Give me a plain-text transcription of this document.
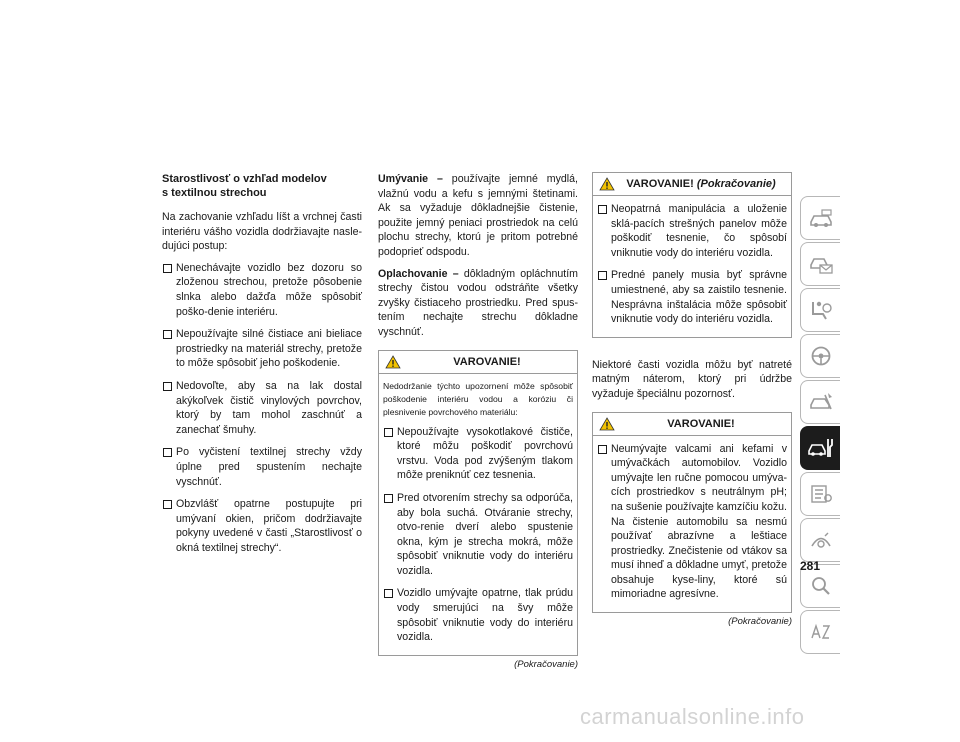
Starostlivosť o vzhľad modelov
s textilnou strechou

Na zachovanie vzhľadu líšt a vrchnej časti interiéru vášho vozidla dodržiavajte nasle-dujúci postup:

Nenechávajte vozidlo bez dozoru so zloženou strechou, pretože pôsobenie slnka alebo dažďa môže spôsobiť poško-denie interiéru.
Nepoužívajte silné čistiace ani bieliace prostriedky na materiál strechy, pretože to môže spôsobiť jeho poškodenie.
Nedovoľte, aby sa na lak dostal akýkoľvek čistič vinylových povrchov, ktorý by tam mohol zaschnúť a zanechať šmuhy.
Po vyčistení textilnej strechy vždy úplne pred spustením nechajte vyschnúť.
Obzvlášť opatrne postupujte pri umývaní okien, pričom dodržiavajte pokyny uvedené v časti „Starostlivosť o okná textilnej strechy“.

Umývanie – používajte jemné mydlá, vlažnú vodu a kefu s jemnými štetinami. Ak sa vyžaduje dôkladnejšie čistenie, použite jemný peniaci prostriedok na celú plochu strechy, ktorú je pritom potrebné podoprieť odspodu.

Oplachovanie – dôkladným opláchnutím strechy čistou vodou odstráňte všetky zvyšky čistiaceho prostriedku. Pred spus-tením nechajte strechu dôkladne vyschnúť.

VAROVANIE!
Nedodržanie týchto upozornení môže spôsobiť poškodenie interiéru vodou a koróziu či plesnivenie povrchového materiálu:
Nepoužívajte vysokotlakové čističe, ktoré môžu poškodiť povrchovú vrstvu. Voda pod zvýšeným tlakom môže preniknúť cez tesnenia.
Pred otvorením strechy sa odporúča, aby bola suchá. Otváranie strechy, otvo-renie dverí alebo spustenie okna, kým je strecha mokrá, môže spôsobiť vniknutie vody do interiéru vozidla.
Vozidlo umývajte opatrne, tlak prúdu vody smerujúci na švy môže spôsobiť vniknutie vody do interiéru vozidla.
(Pokračovanie)
VAROVANIE! (Pokračovanie)
Neopatrná manipulácia a uloženie sklá-pacích strešných panelov môže poškodiť tesnenie, čo spôsobí vniknutie vody do interiéru vozidla.
Predné panely musia byť správne umiestnené, aby sa zaistilo tesnenie. Nesprávna inštalácia môže spôsobiť vniknutie vody do interiéru vozidla.

Niektoré časti vozidla môžu byť natreté matným náterom, ktorý pri údržbe vyžaduje špeciálnu pozornosť.

VAROVANIE!
Neumývajte valcami ani kefami v umývačkách automobilov. Vozidlo umývajte len ručne pomocou umýva-cích prostriedkov s neutrálnym pH; na sušenie používajte kamzíčiu kožu. Na čistenie automobilu sa nesmú používať abrazívne a leštiace prostriedky. Znečistenie od vtákov sa musí ihneď a dôkladne umyť, pretože obsahuje kyse-liny, ktoré sú mimoriadne agresívne.
(Pokračovanie)
281
carmanualsonline.info
